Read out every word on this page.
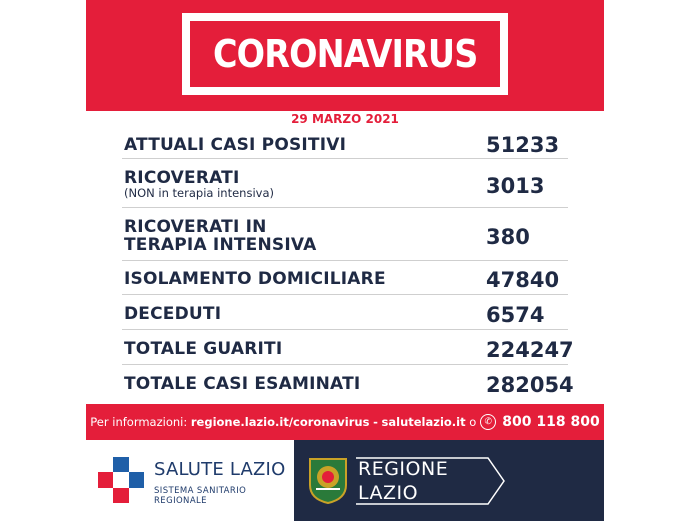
CORONAVIRUS
29 MARZO 2021
ATTUALI CASI POSITIVI	51233
RICOVERATI
(NON in terapia intensiva)	3013
RICOVERATI IN
TERAPIA INTENSIVA	380
ISOLAMENTO DOMICILIARE	47840
DECEDUTI	6574
TOTALE GUARITI	224247
TOTALE CASI ESAMINATI	282054
Per informazioni:
regione.lazio.it/coronavirus
-
salutelazio.it
o ✆ 800 118 800
SALUTE LAZIO
SISTEMA SANITARIO REGIONALE
REGIONE
LAZIO
